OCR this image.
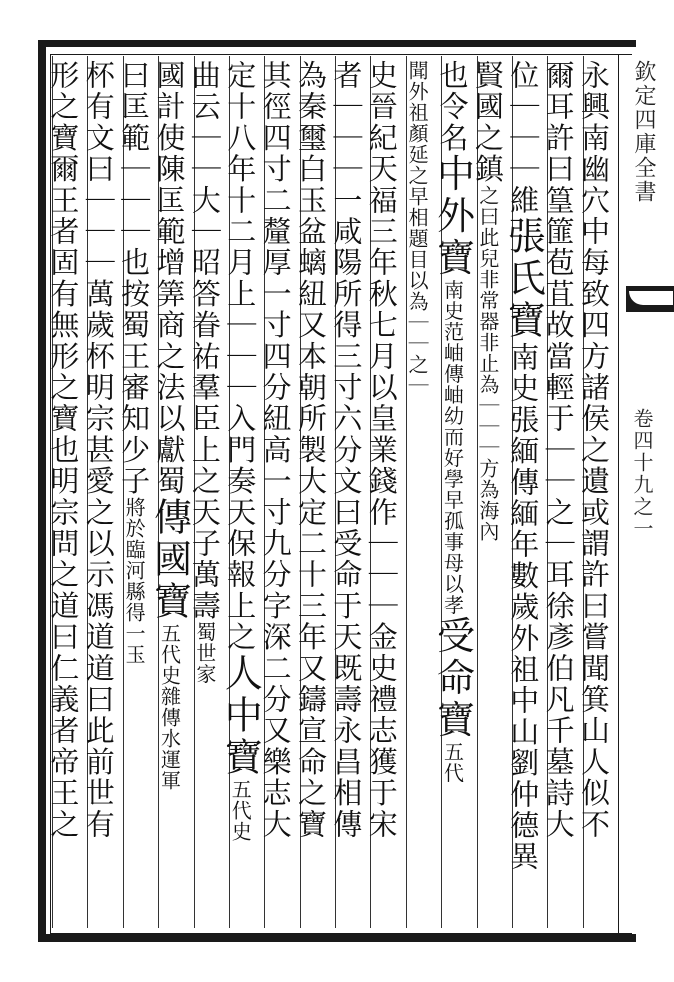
欽定四庫全書
卷四十九之一
永興南幽穴中每致四方諸侯之遺或謂許曰嘗聞箕山人似不
爾耳許曰篁篚苞苴故當輕于｜｜之｜耳徐彥伯凡千墓詩大
位｜｜｜維張氏寶南史張緬傳緬年數歲外祖中山劉仲德異
賢國之鎮之曰此兒非常器非止為｜｜｜方為海內
也令名中外寶南史范岫傳岫幼而好學早孤事母以孝受命寶五代
聞外祖顏延之早相題目以為｜｜之｜
史晉紀天福三年秋七月以皇業錢作｜｜｜金史禮志獲于宋
者｜｜｜一咸陽所得三寸六分文曰受命于天既壽永昌相傳
為秦璽白玉盆螭紐又本朝所製大定二十三年又鑄宣命之寶
其徑四寸二釐厚一寸四分紐高一寸九分字深二分又樂志大
定十八年十二月上｜｜｜入門奏天保報上之人中寶五代史
曲云｜｜大｜昭答眷祐羣臣上之天子萬壽蜀世家
國計使陳匡範增筭商之法以獻蜀傳國寶五代史雜傳水運軍
曰匡範｜｜｜也按蜀王審知少子將於臨河縣得一玉
杯有文曰｜｜｜萬歲杯明宗甚愛之以示馮道道曰此前世有
形之寶爾王者固有無形之寶也明宗問之道曰仁義者帝王之
